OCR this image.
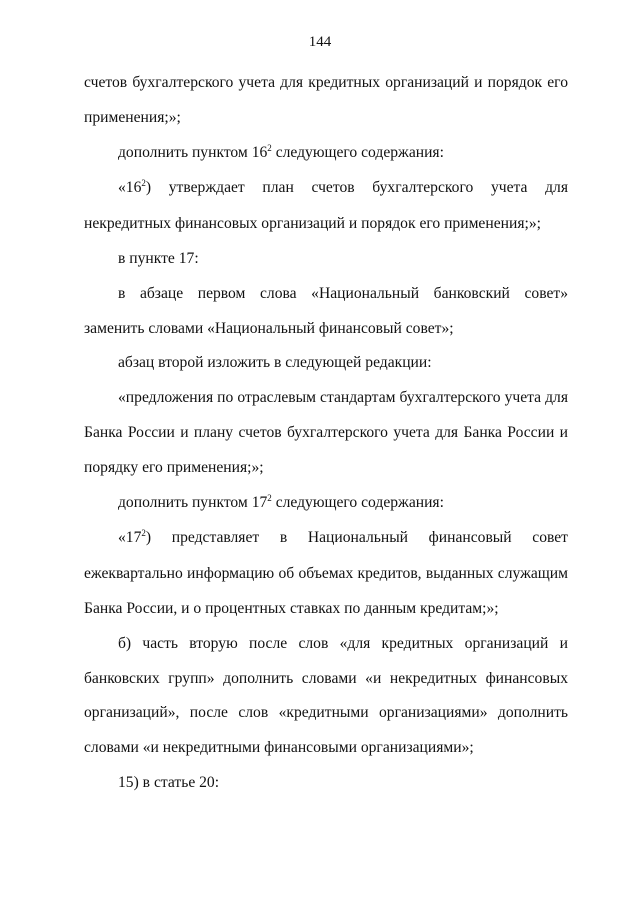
144

счетов бухгалтерского учета для кредитных организаций и порядок его применения;»;

дополнить пунктом $16^2$ следующего содержания:

«$16^2$) утверждает план счетов бухгалтерского учета для некредитных финансовых организаций и порядок его применения;»;

в пункте 17:

в абзаце первом слова «Национальный банковский совет» заменить словами «Национальный финансовый совет»;

абзац второй изложить в следующей редакции:

«предложения по отраслевым стандартам бухгалтерского учета для Банка России и плану счетов бухгалтерского учета для Банка России и порядку его применения;»;

дополнить пунктом $17^2$ следующего содержания:

«$17^2$) представляет в Национальный финансовый совет ежеквартально информацию об объемах кредитов, выданных служащим Банка России, и о процентных ставках по данным кредитам;»;

б) часть вторую после слов «для кредитных организаций и банковских групп» дополнить словами «и некредитных финансовых организаций», после слов «кредитными организациями» дополнить словами «и некредитными финансовыми организациями»;

15) в статье 20:
